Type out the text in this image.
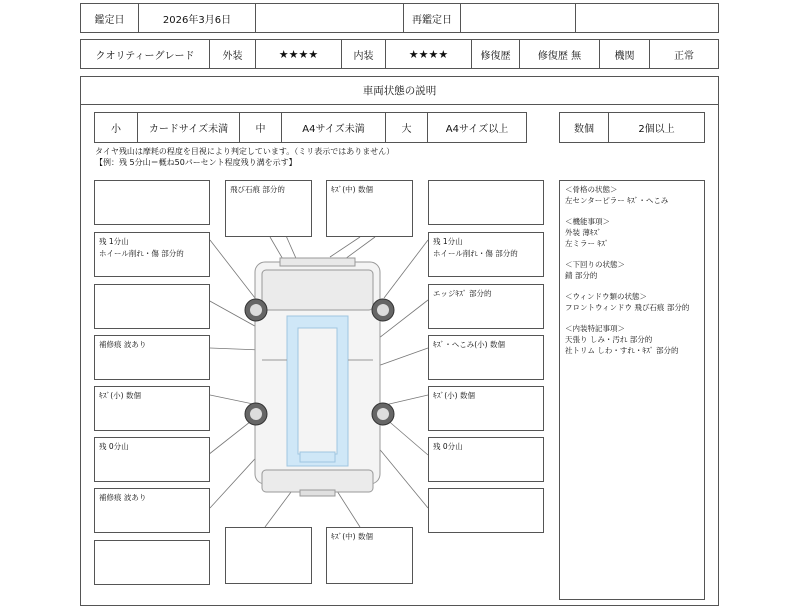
鑑定日	2026年3月6日	再鑑定日
クオリティーグレード	外装	★★★★	内装	★★★★	修復歴	修復歴 無	機関	正常
車両状態の説明
小	カードサイズ未満	中	A4サイズ未満	大	A4サイズ以上	数個	2個以上
タイヤ残山は摩耗の程度を目視により判定しています。（ミリ表示ではありません）
【例：残 5分山＝概ね50パーセント程度残り溝を示す】
残 1分山
ホイール削れ・傷 部分的
補修痕 波あり
ｷｽﾞ(小) 数個
残 0分山
補修痕 波あり
残 1分山
ホイール削れ・傷 部分的
エッジｷｽﾞ 部分的
ｷｽﾞ・へこみ(小) 数個
ｷｽﾞ(小) 数個
残 0分山
飛び石痕 部分的	ｷｽﾞ(中) 数個
ｷｽﾞ(中) 数個

＜骨格の状態＞

左センターピラー ｷｽﾞ・へこみ

＜機能事項＞

外装 薄ｷｽﾞ
左ミラー ｷｽﾞ

＜下回りの状態＞

錆 部分的

＜ウィンドウ類の状態＞

フロントウィンドウ 飛び石痕 部分的

＜内装特記事項＞

天張り しみ・汚れ 部分的
社トリム しわ・すれ・ｷｽﾞ 部分的
